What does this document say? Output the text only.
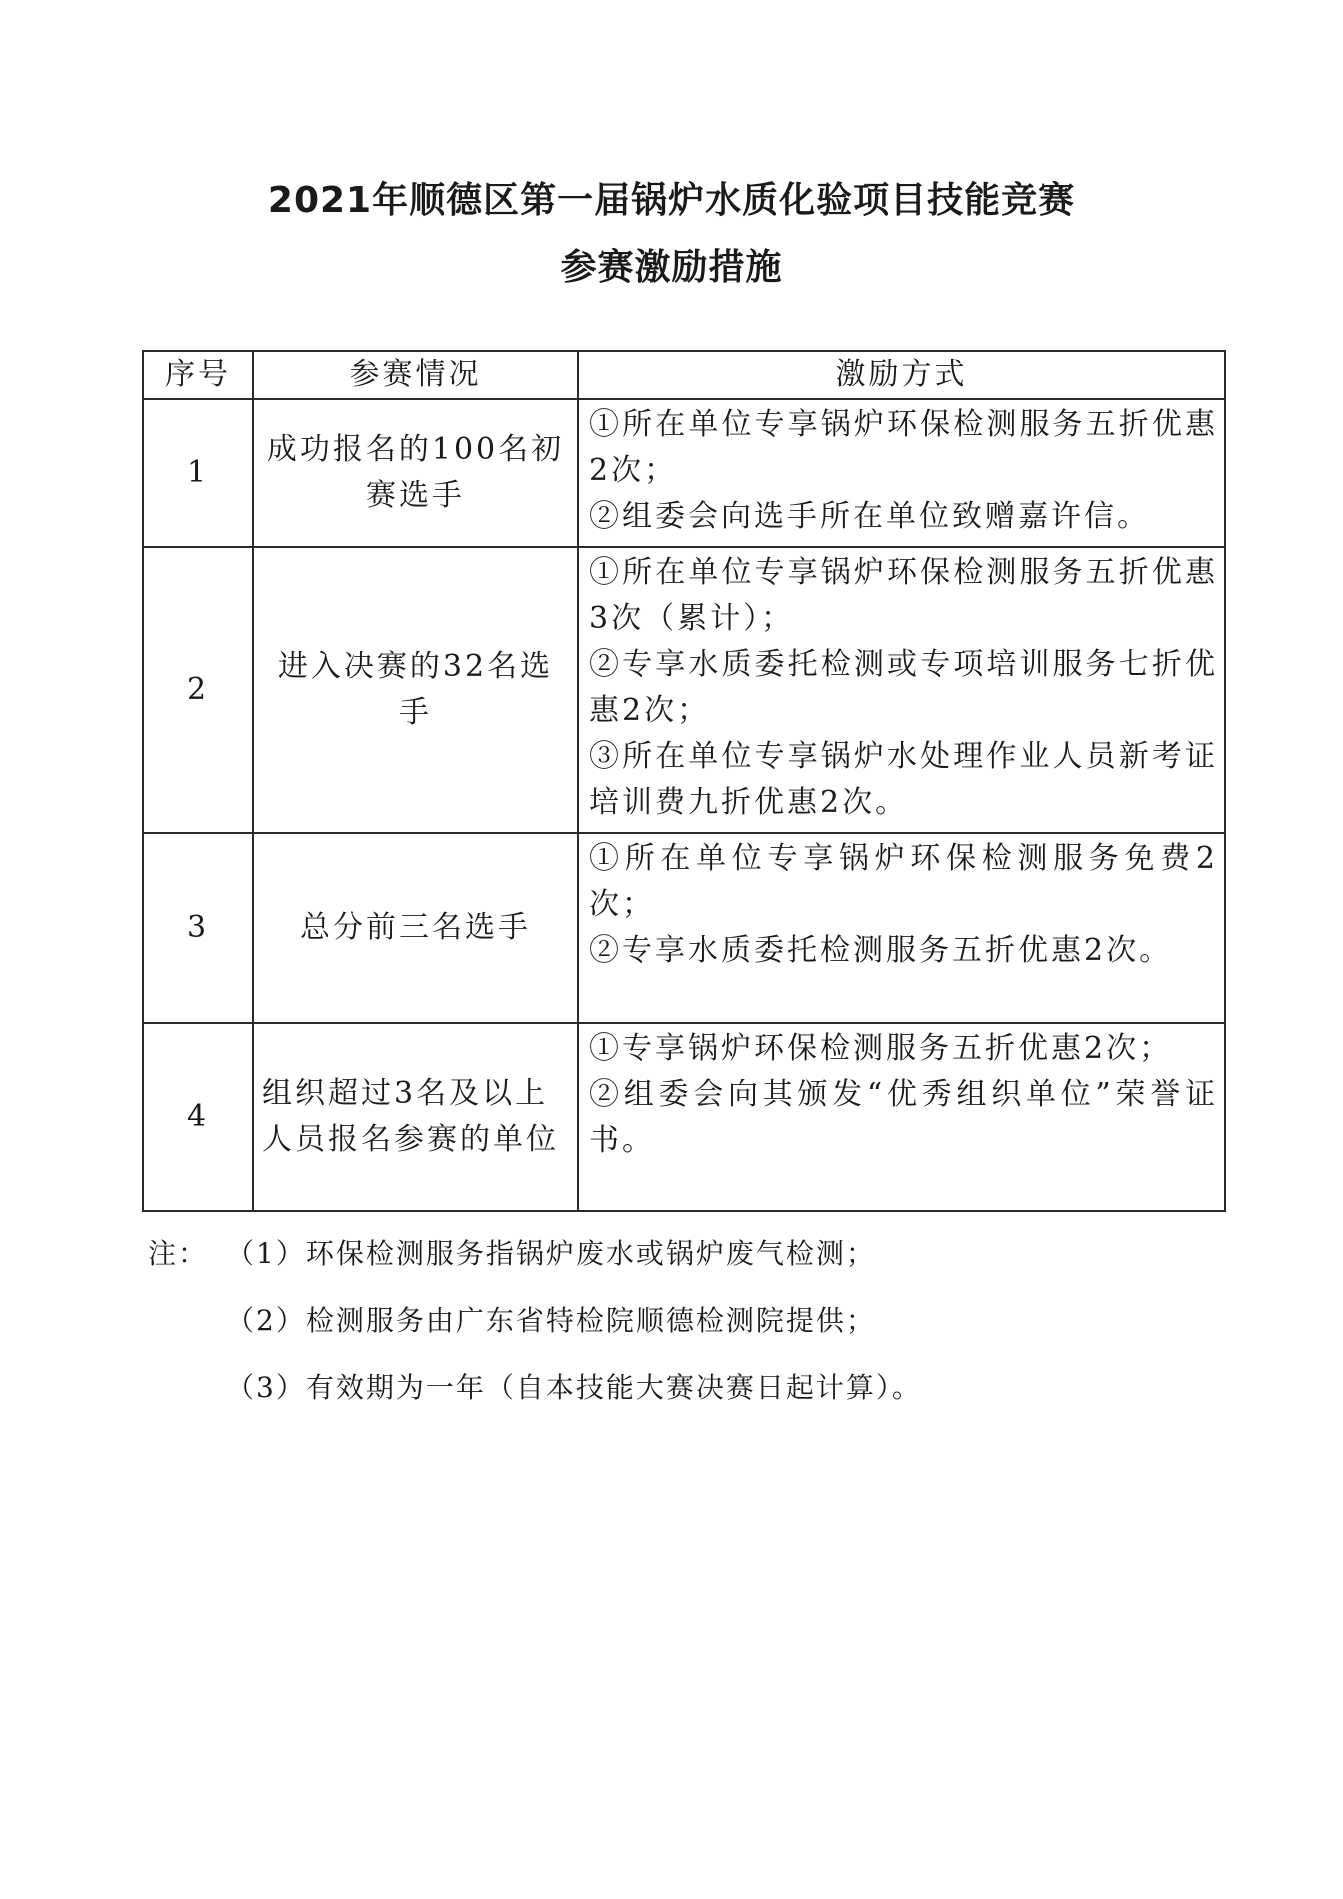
2021年顺德区第一届锅炉水质化验项目技能竞赛
参赛激励措施
序号	参赛情况	激励方式
1	成功报名的100名初赛选手	①所在单位专享锅炉环保检测服务五折优惠2次；
②组委会向选手所在单位致赠嘉许信。

2	进入决赛的32名选手	①所在单位专享锅炉环保检测服务五折优惠3次（累计）；
②专享水质委托检测或专项培训服务七折优惠2次；
③所在单位专享锅炉水处理作业人员新考证培训费九折优惠2次。

3	总分前三名选手	①所在单位专享锅炉环保检测服务免费2次；
②专享水质委托检测服务五折优惠2次。

4	组织超过3名及以上人员报名参赛的单位	①专享锅炉环保检测服务五折优惠2次；
②组委会向其颁发“优秀组织单位”荣誉证书。
注： （1）环保检测服务指锅炉废水或锅炉废气检测；
（2）检测服务由广东省特检院顺德检测院提供；
（3）有效期为一年（自本技能大赛决赛日起计算）。
